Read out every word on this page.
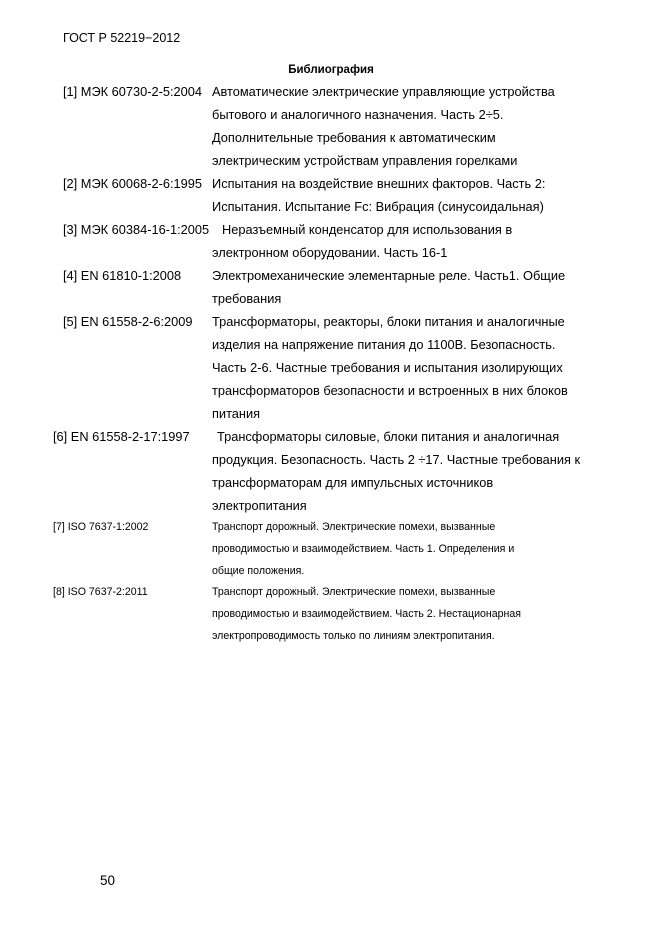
ГОСТ Р 52219−2012
Библиография
[1] МЭК 60730-2-5:2004 Автоматические электрические управляющие устройства
бытового и аналогичного назначения. Часть 2÷5.
Дополнительные требования к автоматическим
электрическим устройствам управления горелками
[2] МЭК 60068-2-6:1995 Испытания на воздействие внешних факторов. Часть 2:
Испытания. Испытание Fc: Вибрация (синусоидальная)
[3] МЭК 60384-16-1:2005 Неразъемный конденсатор для использования в
электронном оборудовании. Часть 16-1
[4] EN 61810-1:2008 Электромеханические элементарные реле. Часть1. Общие
требования
[5] EN 61558-2-6:2009 Трансформаторы, реакторы, блоки питания и аналогичные
изделия на напряжение питания до 1100В. Безопасность.
Часть 2-6. Частные требования и испытания изолирующих
трансформаторов безопасности и встроенных в них блоков
питания
[6] EN 61558-2-17:1997 Трансформаторы силовые, блоки питания и аналогичная
продукция. Безопасность. Часть 2 ÷17. Частные требования к
трансформаторам для импульсных источников
электропитания
[7] ISO 7637-1:2002	Транспорт дорожный. Электрические помехи, вызванные
проводимостью и взаимодействием. Часть 1. Определения и
общие положения.
[8] ISO 7637-2:2011	Транспорт дорожный. Электрические помехи, вызванные
проводимостью и взаимодействием. Часть 2. Нестационарная
электропроводимость только по линиям электропитания.
50
